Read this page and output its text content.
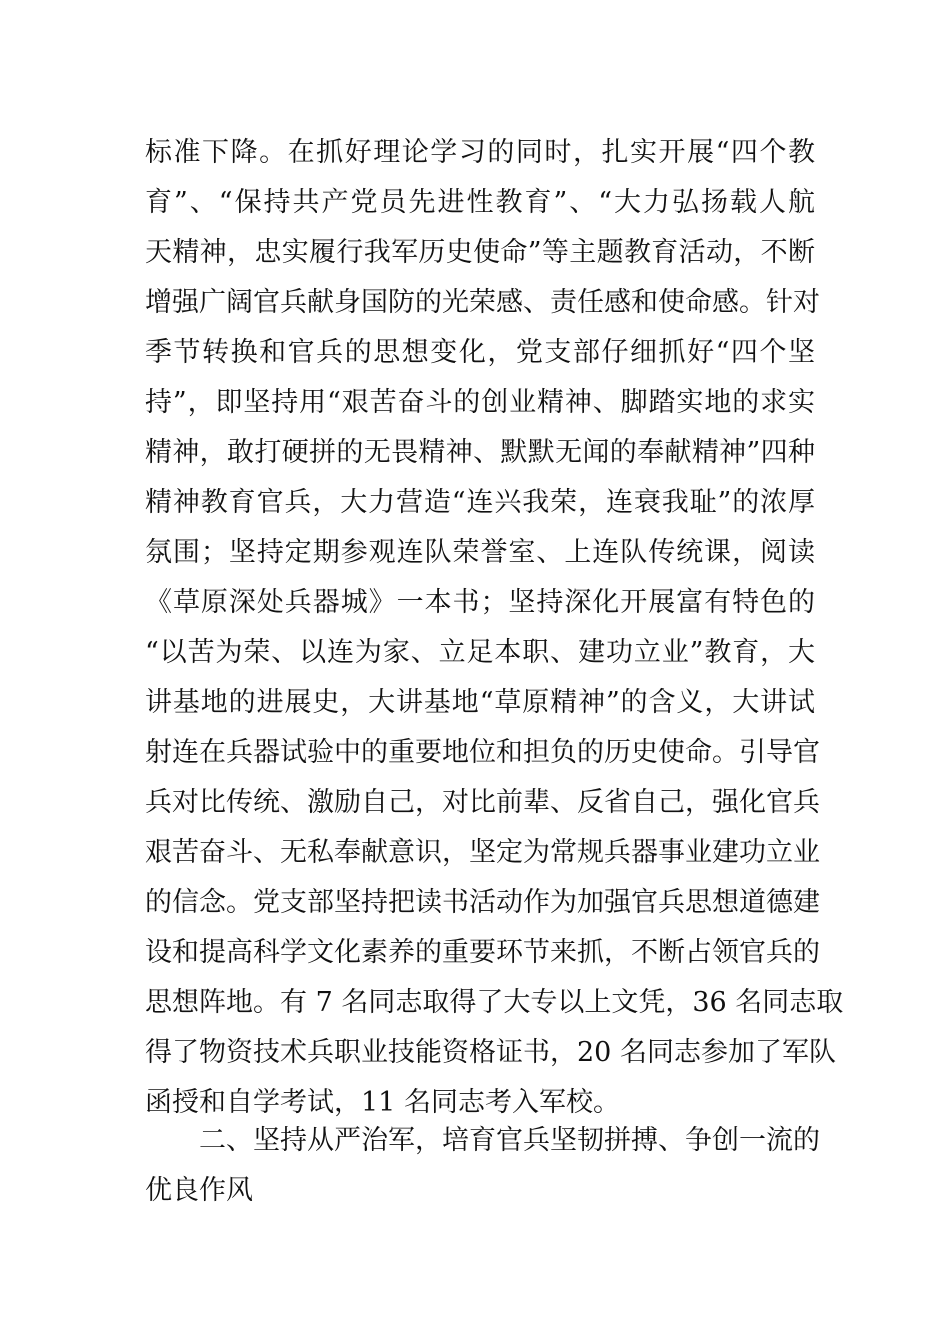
标准下降。在抓好理论学习的同时，扎实开展“四个教
育”、“保持共产党员先进性教育”、“大力弘扬载人航
天精神，忠实履行我军历史使命”等主题教育活动，不断
增强广阔官兵献身国防的光荣感、责任感和使命感。针对
季节转换和官兵的思想变化，党支部仔细抓好“四个坚
持”，即坚持用“艰苦奋斗的创业精神、脚踏实地的求实
精神，敢打硬拼的无畏精神、默默无闻的奉献精神”四种
精神教育官兵，大力营造“连兴我荣，连衰我耻”的浓厚
氛围；坚持定期参观连队荣誉室、上连队传统课，阅读
《草原深处兵器城》一本书；坚持深化开展富有特色的
“以苦为荣、以连为家、立足本职、建功立业”教育，大
讲基地的进展史，大讲基地“草原精神”的含义，大讲试
射连在兵器试验中的重要地位和担负的历史使命。引导官
兵对比传统、激励自己，对比前辈、反省自己，强化官兵
艰苦奋斗、无私奉献意识，坚定为常规兵器事业建功立业
的信念。党支部坚持把读书活动作为加强官兵思想道德建
设和提高科学文化素养的重要环节来抓，不断占领官兵的
思想阵地。有 7 名同志取得了大专以上文凭，36 名同志取
得了物资技术兵职业技能资格证书，20 名同志参加了军队
函授和自学考试，11 名同志考入军校。
二、坚持从严治军，培育官兵坚韧拼搏、争创一流的
优良作风
